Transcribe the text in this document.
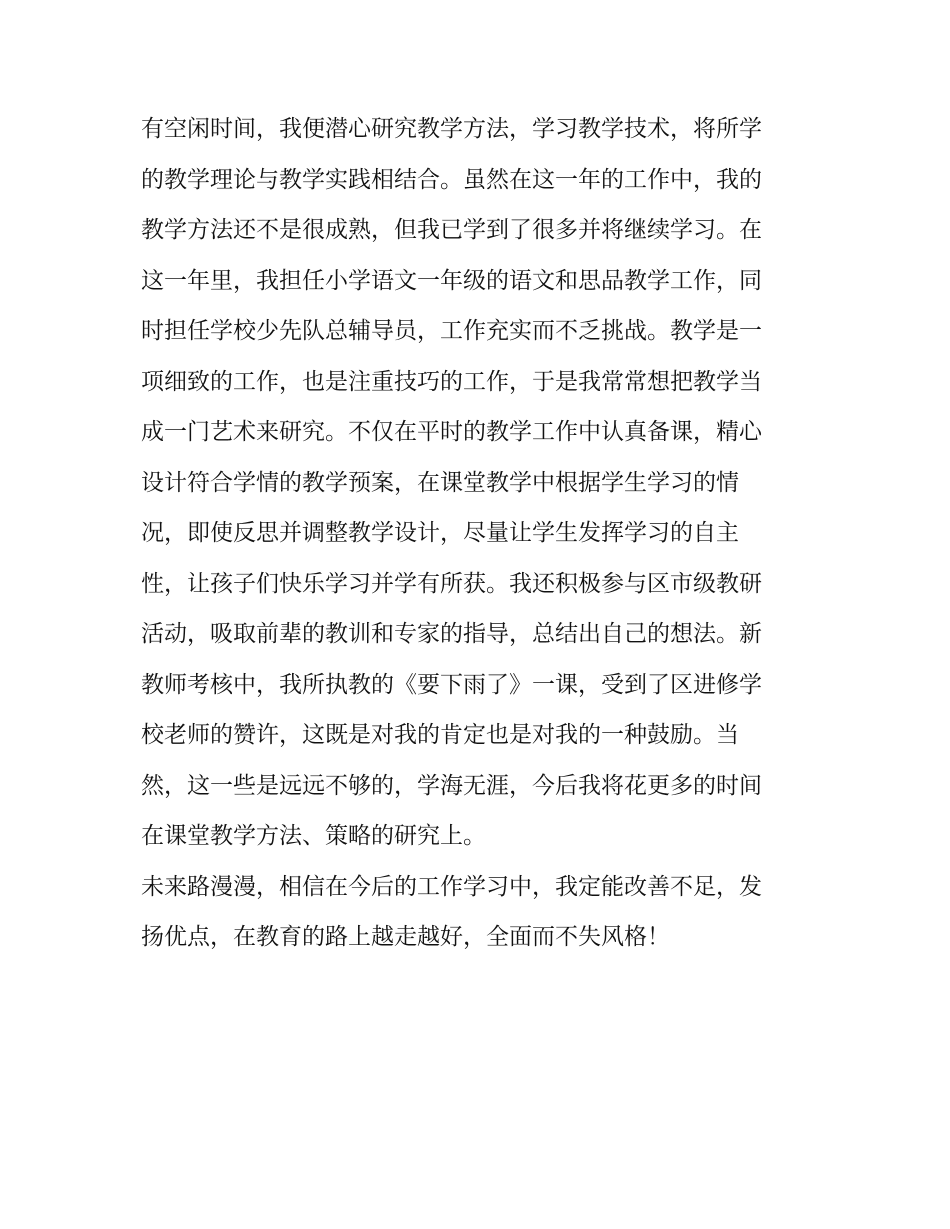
有空闲时间，我便潜心研究教学方法，学习教学技术，将所学
的教学理论与教学实践相结合。虽然在这一年的工作中，我的
教学方法还不是很成熟，但我已学到了很多并将继续学习。在
这一年里，我担任小学语文一年级的语文和思品教学工作，同
时担任学校少先队总辅导员，工作充实而不乏挑战。教学是一
项细致的工作，也是注重技巧的工作，于是我常常想把教学当
成一门艺术来研究。不仅在平时的教学工作中认真备课，精心
设计符合学情的教学预案，在课堂教学中根据学生学习的情
况，即使反思并调整教学设计，尽量让学生发挥学习的自主
性，让孩子们快乐学习并学有所获。我还积极参与区市级教研
活动，吸取前辈的教训和专家的指导，总结出自己的想法。新
教师考核中，我所执教的《要下雨了》一课，受到了区进修学
校老师的赞许，这既是对我的肯定也是对我的一种鼓励。当
然，这一些是远远不够的，学海无涯，今后我将花更多的时间
在课堂教学方法、策略的研究上。
未来路漫漫，相信在今后的工作学习中，我定能改善不足，发
扬优点，在教育的路上越走越好，全面而不失风格！
